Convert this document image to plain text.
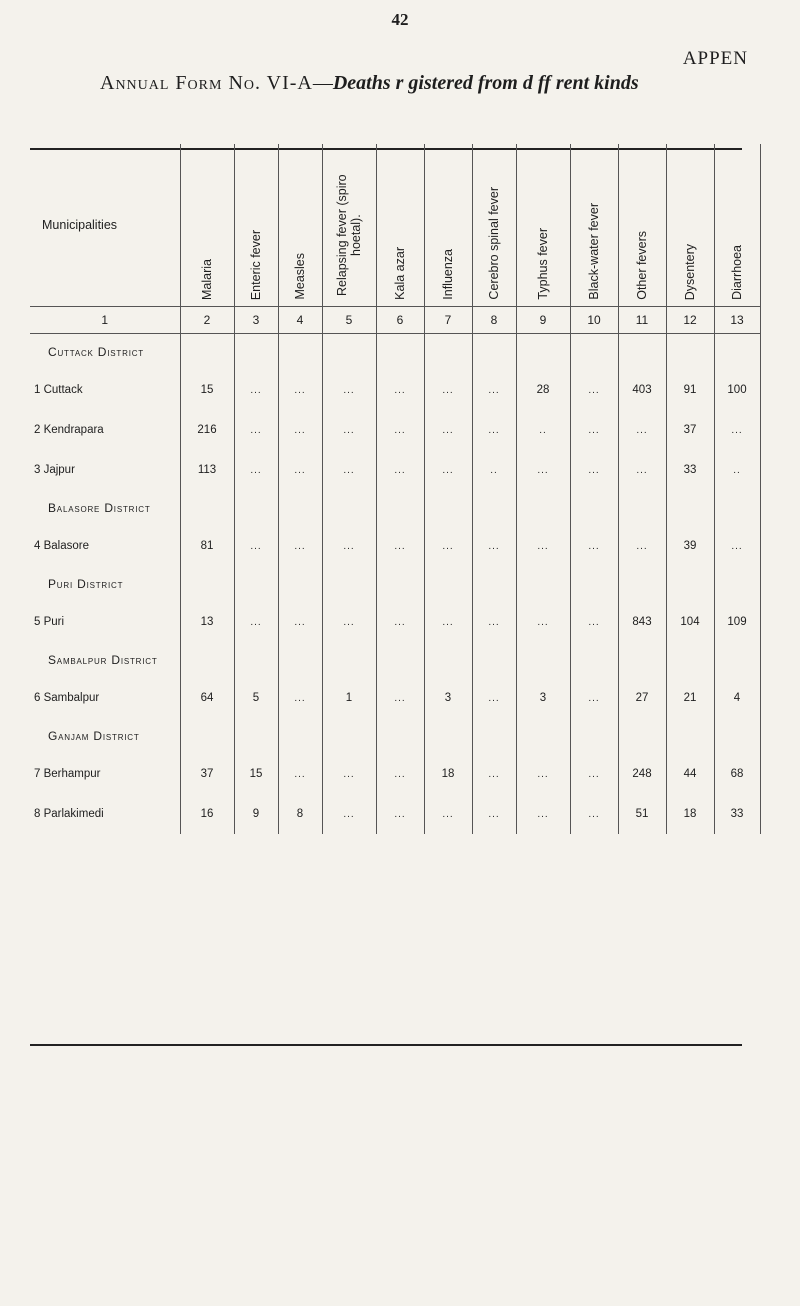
42
APPEN
Annual Form No. VI-A—Deaths r gistered from d ff rent kinds
Municipalities	Malaria	Enteric fever	Measles	Relapsing fever (spiro hoetal).	Kala azar	Influenza	Cerebro spinal fever	Typhus fever	Black-water fever	Other fevers	Dysentery	Diarrhoea

1	2	3	4	5	6	7	8	9	10	11	12	13
Cuttack District												
1 Cuttack	15	...	...	...	...	...	...	28	...	403	91	100
2 Kendrapara	216	...	...	...	...	...	...	..	...	...	37	...
3 Jajpur	113	...	...	...	...	...	..	...	...	...	33	..
Balasore District												
4 Balasore	81	...	...	...	...	...	...	...	...	...	39	...
Puri District												
5 Puri	13	...	...	...	...	...	...	...	...	843	104	109
Sambalpur District												
6 Sambalpur	64	5	...	1	...	3	...	3	...	27	21	4
Ganjam District												
7 Berhampur	37	15	...	...	...	18	...	...	...	248	44	68
8 Parlakimedi	16	9	8	...	...	...	...	...	...	51	18	33
